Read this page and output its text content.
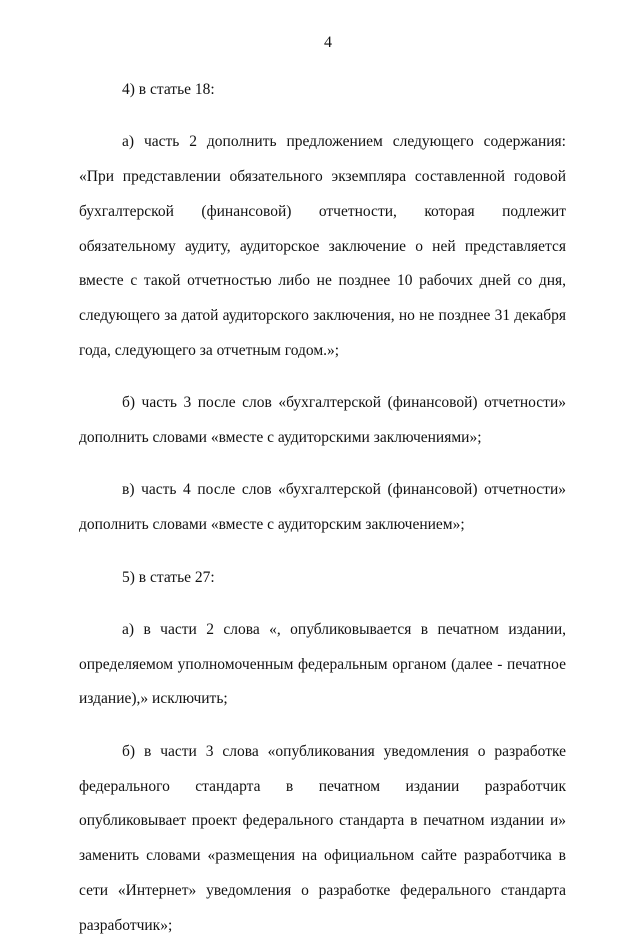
4

4) в статье 18:

а) часть 2 дополнить предложением следующего содержания: «При представлении обязательного экземпляра составленной годовой бухгалтерской (финансовой) отчетности, которая подлежит обязательному аудиту, аудиторское заключение о ней представляется вместе с такой отчетностью либо не позднее 10 рабочих дней со дня, следующего за датой аудиторского заключения, но не позднее 31 декабря года, следующего за отчетным годом.»;

б) часть 3 после слов «бухгалтерской (финансовой) отчетности» дополнить словами «вместе с аудиторскими заключениями»;

в) часть 4 после слов «бухгалтерской (финансовой) отчетности» дополнить словами «вместе с аудиторским заключением»;

5) в статье 27:

а) в части 2 слова «, опубликовывается в печатном издании, определяемом уполномоченным федеральным органом (далее - печатное издание),» исключить;

б) в части 3 слова «опубликования уведомления о разработке федерального стандарта в печатном издании разработчик опубликовывает проект федерального стандарта в печатном издании и» заменить словами «размещения на официальном сайте разработчика в сети «Интернет» уведомления о разработке федерального стандарта разработчик»;
